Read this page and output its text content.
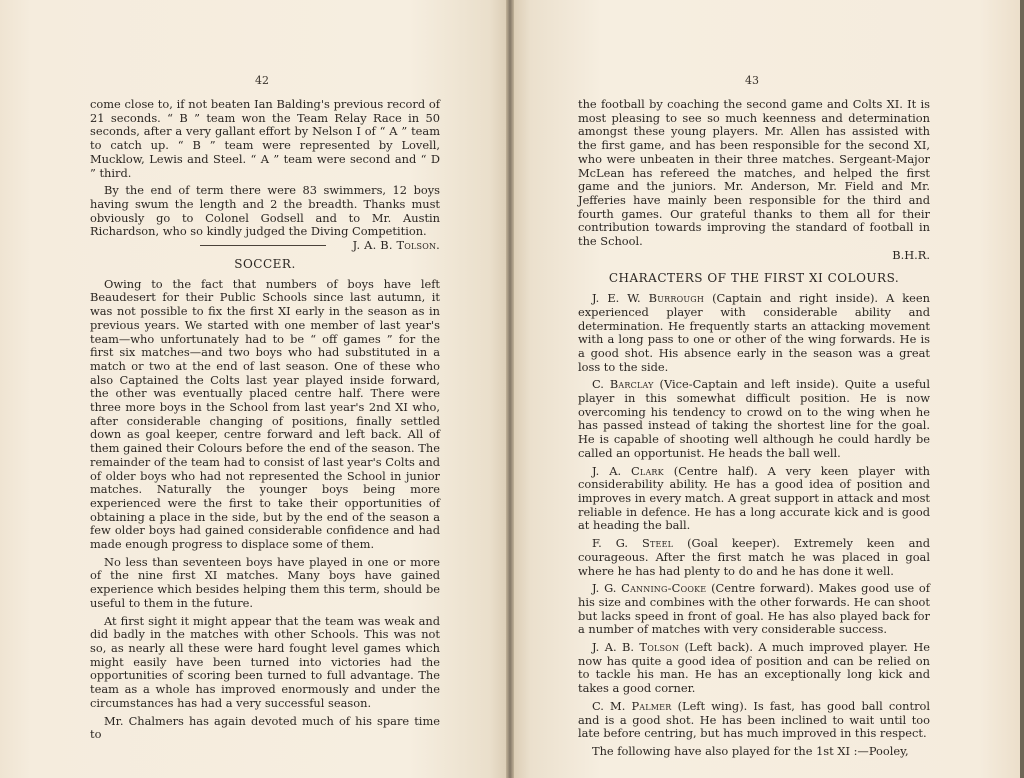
42

come close to, if not beaten Ian Balding's previous record of 21 seconds. “ B ” team won the Team Relay Race in 50 seconds, after a very gallant effort by Nelson I of “ A ” team to catch up. “ B ” team were represented by Lovell, Mucklow, Lewis and Steel. “ A ” team were second and “ D ” third.

By the end of term there were 83 swimmers, 12 boys having swum the length and 2 the breadth. Thanks must obviously go to Colonel Godsell and to Mr. Austin Richardson, who so kindly judged the Diving Competition.

J. A. B. Tolson.

SOCCER.

Owing to the fact that numbers of boys have left Beaudesert for their Public Schools since last autumn, it was not possible to fix the first XI early in the season as in previous years. We started with one member of last year's team—who unfortunately had to be “ off games ” for the first six matches—and two boys who had substituted in a match or two at the end of last season. One of these who also Captained the Colts last year played inside forward, the other was eventually placed centre half. There were three more boys in the School from last year's 2nd XI who, after considerable changing of positions, finally settled down as goal keeper, centre forward and left back. All of them gained their Colours before the end of the season. The remainder of the team had to consist of last year's Colts and of older boys who had not represented the School in junior matches. Naturally the younger boys being more experienced were the first to take their opportunities of obtaining a place in the side, but by the end of the season a few older boys had gained considerable confidence and had made enough progress to displace some of them.

No less than seventeen boys have played in one or more of the nine first XI matches. Many boys have gained experience which besides helping them this term, should be useful to them in the future.

At first sight it might appear that the team was weak and did badly in the matches with other Schools. This was not so, as nearly all these were hard fought level games which might easily have been turned into victories had the opportunities of scoring been turned to full advantage. The team as a whole has improved enormously and under the circumstances has had a very successful season.

Mr. Chalmers has again devoted much of his spare time to

43

the football by coaching the second game and Colts XI. It is most pleasing to see so much keenness and determination amongst these young players. Mr. Allen has assisted with the first game, and has been responsible for the second XI, who were unbeaten in their three matches. Sergeant-Major McLean has refereed the matches, and helped the first game and the juniors. Mr. Anderson, Mr. Field and Mr. Jefferies have mainly been responsible for the third and fourth games. Our grateful thanks to them all for their contribution towards improving the standard of football in the School.

B.H.R.

CHARACTERS OF THE FIRST XI COLOURS.

J. E. W. Burrough (Captain and right inside). A keen experienced player with considerable ability and determination. He frequently starts an attacking movement with a long pass to one or other of the wing forwards. He is a good shot. His absence early in the season was a great loss to the side.

C. Barclay (Vice-Captain and left inside). Quite a useful player in this somewhat difficult position. He is now overcoming his tendency to crowd on to the wing when he has passed instead of taking the shortest line for the goal. He is capable of shooting well although he could hardly be called an opportunist. He heads the ball well.

J. A. Clark (Centre half). A very keen player with considerability ability. He has a good idea of position and improves in every match. A great support in attack and most reliable in defence. He has a long accurate kick and is good at heading the ball.

F. G. Steel (Goal keeper). Extremely keen and courageous. After the first match he was placed in goal where he has had plenty to do and he has done it well.

J. G. Canning-Cooke (Centre forward). Makes good use of his size and combines with the other forwards. He can shoot but lacks speed in front of goal. He has also played back for a number of matches with very considerable success.

J. A. B. Tolson (Left back). A much improved player. He now has quite a good idea of position and can be relied on to tackle his man. He has an exceptionally long kick and takes a good corner.

C. M. Palmer (Left wing). Is fast, has good ball control and is a good shot. He has been inclined to wait until too late before centring, but has much improved in this respect.

The following have also played for the 1st XI :—Pooley,
